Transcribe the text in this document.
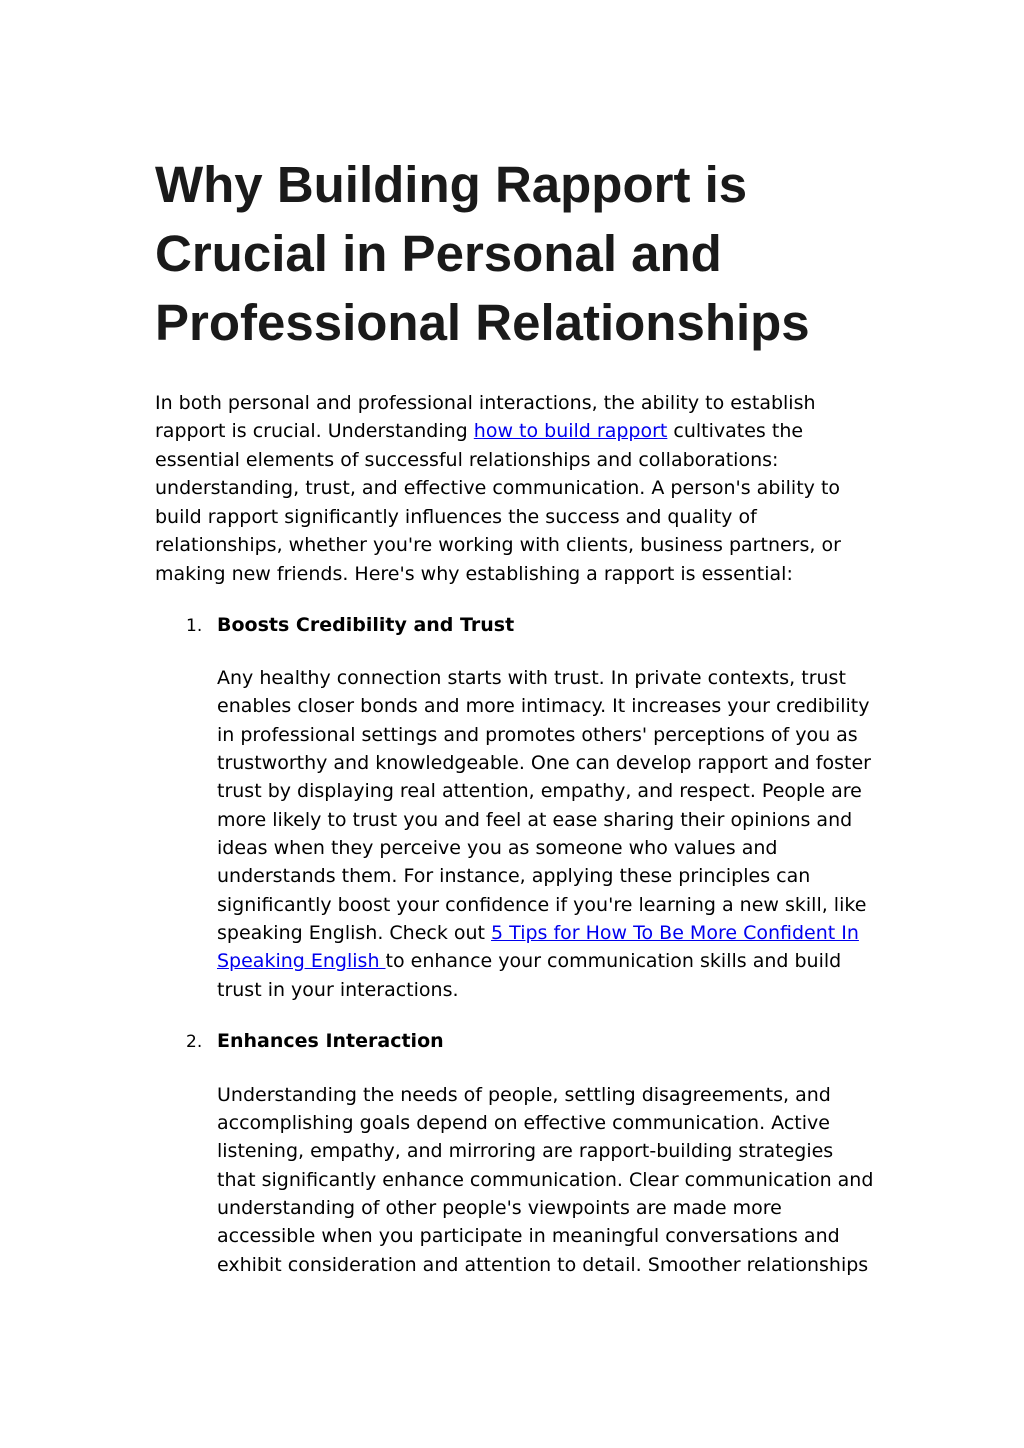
Why Building Rapport is
Crucial in Personal and
Professional Relationships
In both personal and professional interactions, the ability to establish
rapport is crucial. Understanding how to build rapport cultivates the
essential elements of successful relationships and collaborations:
understanding, trust, and effective communication. A person's ability to
build rapport significantly influences the success and quality of
relationships, whether you're working with clients, business partners, or
making new friends. Here's why establishing a rapport is essential:
1. Boosts Credibility and Trust
Any healthy connection starts with trust. In private contexts, trust
enables closer bonds and more intimacy. It increases your credibility
in professional settings and promotes others' perceptions of you as
trustworthy and knowledgeable. One can develop rapport and foster
trust by displaying real attention, empathy, and respect. People are
more likely to trust you and feel at ease sharing their opinions and
ideas when they perceive you as someone who values and
understands them. For instance, applying these principles can
significantly boost your confidence if you're learning a new skill, like
speaking English. Check out 5 Tips for How To Be More Confident In
Speaking English to enhance your communication skills and build
trust in your interactions.
2. Enhances Interaction
Understanding the needs of people, settling disagreements, and
accomplishing goals depend on effective communication. Active
listening, empathy, and mirroring are rapport-building strategies
that significantly enhance communication. Clear communication and
understanding of other people's viewpoints are made more
accessible when you participate in meaningful conversations and
exhibit consideration and attention to detail. Smoother relationships
